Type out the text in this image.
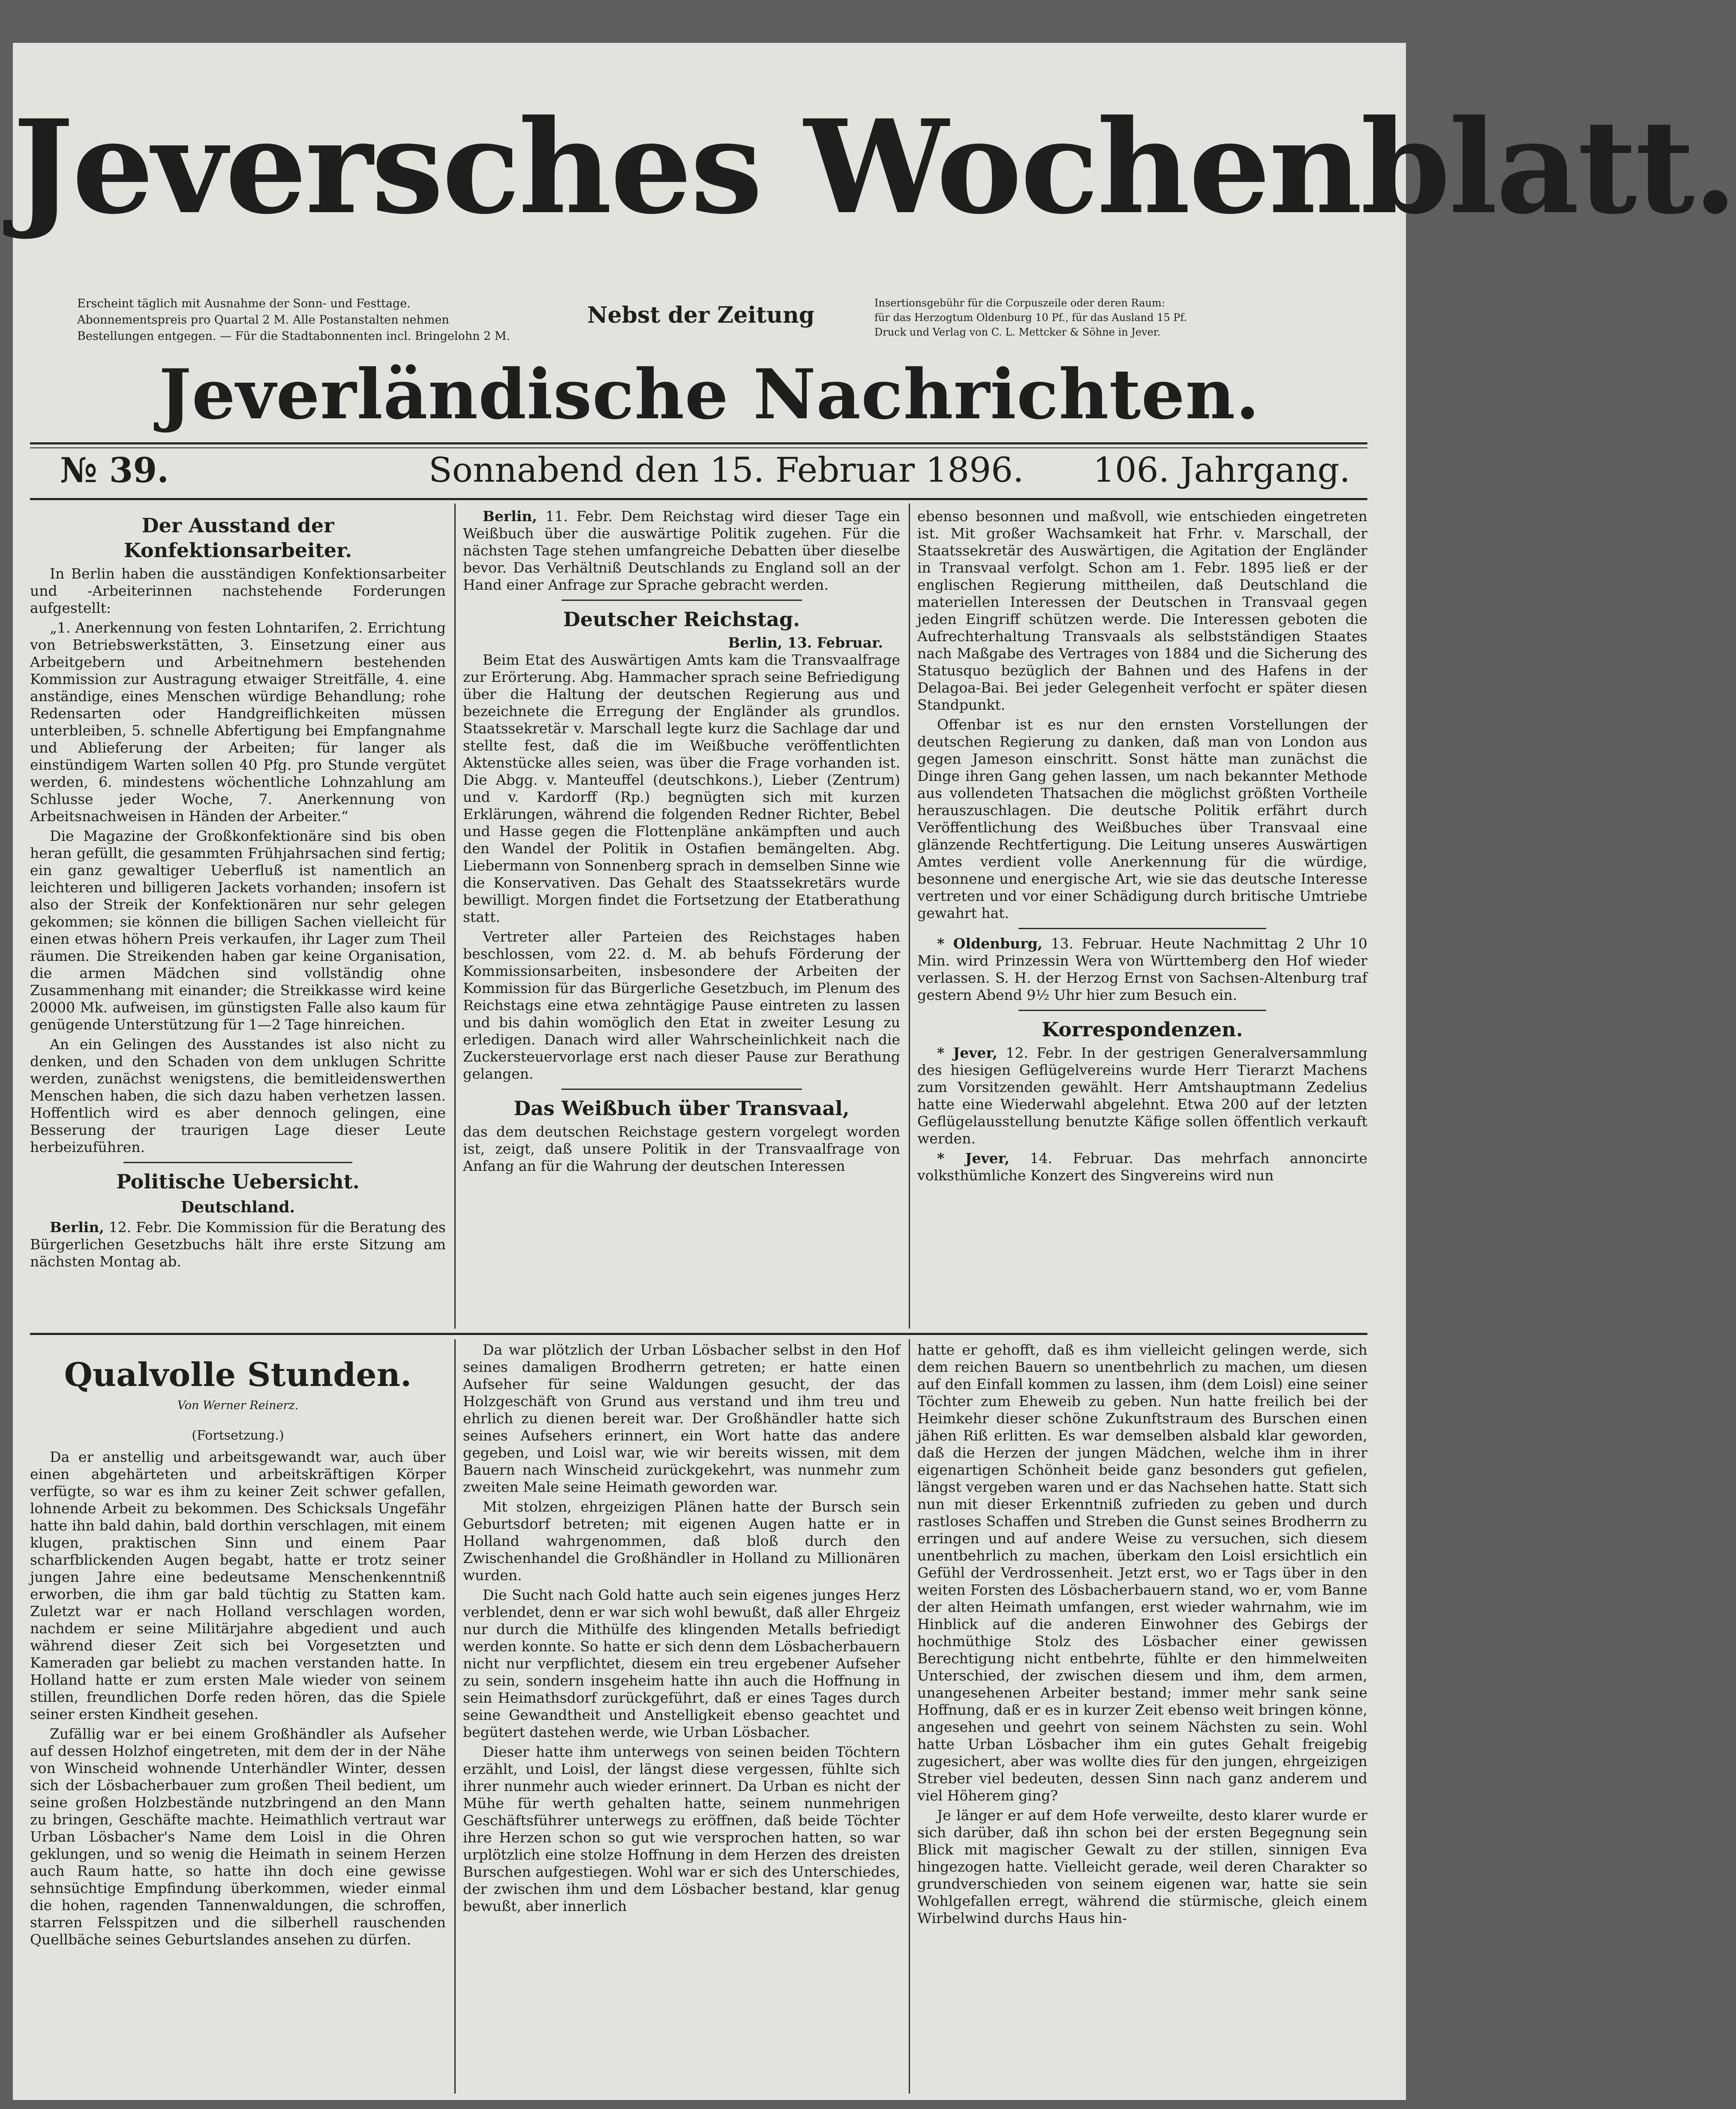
Jeversches Wochenblatt.
Erscheint täglich mit Ausnahme der Sonn- und Festtage.
Abonnementspreis pro Quartal 2 M. Alle Postanstalten nehmen
Bestellungen entgegen. — Für die Stadtabonnenten incl. Bringelohn 2 M.
Nebst der Zeitung	Insertionsgebühr für die Corpuszeile oder deren Raum:
für das Herzogtum Oldenburg 10 Pf., für das Ausland 15 Pf.
Druck und Verlag von C. L. Mettcker & Söhne in Jever.
Jeverländische Nachrichten.
№ 39.	Sonnabend den 15. Februar 1896. 106. Jahrgang.
Der Ausstand der Konfektionsarbeiter.

In Berlin haben die ausständigen Konfektionsarbeiter und -Arbeiterinnen nachstehende Forderungen aufgestellt:

„1. Anerkennung von festen Lohntarifen, 2. Errichtung von Betriebswerkstätten, 3. Einsetzung einer aus Arbeitgebern und Arbeitnehmern bestehenden Kommission zur Austragung etwaiger Streitfälle, 4. eine anständige, eines Menschen würdige Behandlung; rohe Redensarten oder Handgreiflichkeiten müssen unterbleiben, 5. schnelle Abfertigung bei Empfangnahme und Ablieferung der Arbeiten; für langer als einstündigem Warten sollen 40 Pfg. pro Stunde vergütet werden, 6. mindestens wöchentliche Lohnzahlung am Schlusse jeder Woche, 7. Anerkennung von Arbeitsnachweisen in Händen der Arbeiter.“

Die Magazine der Großkonfektionäre sind bis oben heran gefüllt, die gesammten Frühjahrsachen sind fertig; ein ganz gewaltiger Ueberfluß ist namentlich an leichteren und billigeren Jackets vorhanden; insofern ist also der Streik der Konfektionären nur sehr gelegen gekommen; sie können die billigen Sachen vielleicht für einen etwas höhern Preis verkaufen, ihr Lager zum Theil räumen. Die Streikenden haben gar keine Organisation, die armen Mädchen sind vollständig ohne Zusammenhang mit einander; die Streikkasse wird keine 20000 Mk. aufweisen, im günstigsten Falle also kaum für genügende Unterstützung für 1—2 Tage hinreichen.

An ein Gelingen des Ausstandes ist also nicht zu denken, und den Schaden von dem unklugen Schritte werden, zunächst wenigstens, die bemitleidenswerthen Menschen haben, die sich dazu haben verhetzen lassen. Hoffentlich wird es aber dennoch gelingen, eine Besserung der traurigen Lage dieser Leute herbeizuführen.

Politische Uebersicht.
Deutschland.

Berlin, 12. Febr. Die Kommission für die Beratung des Bürgerlichen Gesetzbuchs hält ihre erste Sitzung am nächsten Montag ab.

Berlin, 11. Febr. Dem Reichstag wird dieser Tage ein Weißbuch über die auswärtige Politik zugehen. Für die nächsten Tage stehen umfangreiche Debatten über dieselbe bevor. Das Verhältniß Deutschlands zu England soll an der Hand einer Anfrage zur Sprache gebracht werden.

Deutscher Reichstag.
Berlin, 13. Februar.

Beim Etat des Auswärtigen Amts kam die Transvaalfrage zur Erörterung. Abg. Hammacher sprach seine Befriedigung über die Haltung der deutschen Regierung aus und bezeichnete die Erregung der Engländer als grundlos. Staatssekretär v. Marschall legte kurz die Sachlage dar und stellte fest, daß die im Weißbuche veröffentlichten Aktenstücke alles seien, was über die Frage vorhanden ist. Die Abgg. v. Manteuffel (deutschkons.), Lieber (Zentrum) und v. Kardorff (Rp.) begnügten sich mit kurzen Erklärungen, während die folgenden Redner Richter, Bebel und Hasse gegen die Flottenpläne ankämpften und auch den Wandel der Politik in Ostafien bemängelten. Abg. Liebermann von Sonnenberg sprach in demselben Sinne wie die Konservativen. Das Gehalt des Staatssekretärs wurde bewilligt. Morgen findet die Fortsetzung der Etatberathung statt.

Vertreter aller Parteien des Reichstages haben beschlossen, vom 22. d. M. ab behufs Förderung der Kommissionsarbeiten, insbesondere der Arbeiten der Kommission für das Bürgerliche Gesetzbuch, im Plenum des Reichstags eine etwa zehntägige Pause eintreten zu lassen und bis dahin womöglich den Etat in zweiter Lesung zu erledigen. Danach wird aller Wahrscheinlichkeit nach die Zuckersteuervorlage erst nach dieser Pause zur Berathung gelangen.

Das Weißbuch über Transvaal,

das dem deutschen Reichstage gestern vorgelegt worden ist, zeigt, daß unsere Politik in der Transvaalfrage von Anfang an für die Wahrung der deutschen Interessen

ebenso besonnen und maßvoll, wie entschieden eingetreten ist. Mit großer Wachsamkeit hat Frhr. v. Marschall, der Staatssekretär des Auswärtigen, die Agitation der Engländer in Transvaal verfolgt. Schon am 1. Febr. 1895 ließ er der englischen Regierung mittheilen, daß Deutschland die materiellen Interessen der Deutschen in Transvaal gegen jeden Eingriff schützen werde. Die Interessen geboten die Aufrechterhaltung Transvaals als selbstständigen Staates nach Maßgabe des Vertrages von 1884 und die Sicherung des Statusquo bezüglich der Bahnen und des Hafens in der Delagoa-Bai. Bei jeder Gelegenheit verfocht er später diesen Standpunkt.

Offenbar ist es nur den ernsten Vorstellungen der deutschen Regierung zu danken, daß man von London aus gegen Jameson einschritt. Sonst hätte man zunächst die Dinge ihren Gang gehen lassen, um nach bekannter Methode aus vollendeten Thatsachen die möglichst größten Vortheile herauszuschlagen. Die deutsche Politik erfährt durch Veröffentlichung des Weißbuches über Transvaal eine glänzende Rechtfertigung. Die Leitung unseres Auswärtigen Amtes verdient volle Anerkennung für die würdige, besonnene und energische Art, wie sie das deutsche Interesse vertreten und vor einer Schädigung durch britische Umtriebe gewahrt hat.

* Oldenburg, 13. Februar. Heute Nachmittag 2 Uhr 10 Min. wird Prinzessin Wera von Württemberg den Hof wieder verlassen. S. H. der Herzog Ernst von Sachsen-Altenburg traf gestern Abend 9½ Uhr hier zum Besuch ein.

Korrespondenzen.

* Jever, 12. Febr. In der gestrigen Generalversammlung des hiesigen Geflügelvereins wurde Herr Tierarzt Machens zum Vorsitzenden gewählt. Herr Amtshauptmann Zedelius hatte eine Wiederwahl abgelehnt. Etwa 200 auf der letzten Geflügelausstellung benutzte Käfige sollen öffentlich verkauft werden.

* Jever, 14. Februar. Das mehrfach annoncirte volksthümliche Konzert des Singvereins wird nun

Qualvolle Stunden.
Von Werner Reinerz.
(Fortsetzung.)

Da er anstellig und arbeitsgewandt war, auch über einen abgehärteten und arbeitskräftigen Körper verfügte, so war es ihm zu keiner Zeit schwer gefallen, lohnende Arbeit zu bekommen. Des Schicksals Ungefähr hatte ihn bald dahin, bald dorthin verschlagen, mit einem klugen, praktischen Sinn und einem Paar scharfblickenden Augen begabt, hatte er trotz seiner jungen Jahre eine bedeutsame Menschenkenntniß erworben, die ihm gar bald tüchtig zu Statten kam. Zuletzt war er nach Holland verschlagen worden, nachdem er seine Militärjahre abgedient und auch während dieser Zeit sich bei Vorgesetzten und Kameraden gar beliebt zu machen verstanden hatte. In Holland hatte er zum ersten Male wieder von seinem stillen, freundlichen Dorfe reden hören, das die Spiele seiner ersten Kindheit gesehen.

Zufällig war er bei einem Großhändler als Aufseher auf dessen Holzhof eingetreten, mit dem der in der Nähe von Winscheid wohnende Unterhändler Winter, dessen sich der Lösbacherbauer zum großen Theil bedient, um seine großen Holzbestände nutzbringend an den Mann zu bringen, Geschäfte machte. Heimathlich vertraut war Urban Lösbacher's Name dem Loisl in die Ohren geklungen, und so wenig die Heimath in seinem Herzen auch Raum hatte, so hatte ihn doch eine gewisse sehnsüchtige Empfindung überkommen, wieder einmal die hohen, ragenden Tannenwaldungen, die schroffen, starren Felsspitzen und die silberhell rauschenden Quellbäche seines Geburtslandes ansehen zu dürfen.

Da war plötzlich der Urban Lösbacher selbst in den Hof seines damaligen Brodherrn getreten; er hatte einen Aufseher für seine Waldungen gesucht, der das Holzgeschäft von Grund aus verstand und ihm treu und ehrlich zu dienen bereit war. Der Großhändler hatte sich seines Aufsehers erinnert, ein Wort hatte das andere gegeben, und Loisl war, wie wir bereits wissen, mit dem Bauern nach Winscheid zurückgekehrt, was nunmehr zum zweiten Male seine Heimath geworden war.

Mit stolzen, ehrgeizigen Plänen hatte der Bursch sein Geburtsdorf betreten; mit eigenen Augen hatte er in Holland wahrgenommen, daß bloß durch den Zwischenhandel die Großhändler in Holland zu Millionären wurden.

Die Sucht nach Gold hatte auch sein eigenes junges Herz verblendet, denn er war sich wohl bewußt, daß aller Ehrgeiz nur durch die Mithülfe des klingenden Metalls befriedigt werden konnte. So hatte er sich denn dem Lösbacherbauern nicht nur verpflichtet, diesem ein treu ergebener Aufseher zu sein, sondern insgeheim hatte ihn auch die Hoffnung in sein Heimathsdorf zurückgeführt, daß er eines Tages durch seine Gewandtheit und Anstelligkeit ebenso geachtet und begütert dastehen werde, wie Urban Lösbacher.

Dieser hatte ihm unterwegs von seinen beiden Töchtern erzählt, und Loisl, der längst diese vergessen, fühlte sich ihrer nunmehr auch wieder erinnert. Da Urban es nicht der Mühe für werth gehalten hatte, seinem nunmehrigen Geschäftsführer unterwegs zu eröffnen, daß beide Töchter ihre Herzen schon so gut wie versprochen hatten, so war urplötzlich eine stolze Hoffnung in dem Herzen des dreisten Burschen aufgestiegen. Wohl war er sich des Unterschiedes, der zwischen ihm und dem Lösbacher bestand, klar genug bewußt, aber innerlich

hatte er gehofft, daß es ihm vielleicht gelingen werde, sich dem reichen Bauern so unentbehrlich zu machen, um diesen auf den Einfall kommen zu lassen, ihm (dem Loisl) eine seiner Töchter zum Eheweib zu geben. Nun hatte freilich bei der Heimkehr dieser schöne Zukunftstraum des Burschen einen jähen Riß erlitten. Es war demselben alsbald klar geworden, daß die Herzen der jungen Mädchen, welche ihm in ihrer eigenartigen Schönheit beide ganz besonders gut gefielen, längst vergeben waren und er das Nachsehen hatte. Statt sich nun mit dieser Erkenntniß zufrieden zu geben und durch rastloses Schaffen und Streben die Gunst seines Brodherrn zu erringen und auf andere Weise zu versuchen, sich diesem unentbehrlich zu machen, überkam den Loisl ersichtlich ein Gefühl der Verdrossenheit. Jetzt erst, wo er Tags über in den weiten Forsten des Lösbacherbauern stand, wo er, vom Banne der alten Heimath umfangen, erst wieder wahrnahm, wie im Hinblick auf die anderen Einwohner des Gebirgs der hochmüthige Stolz des Lösbacher einer gewissen Berechtigung nicht entbehrte, fühlte er den himmelweiten Unterschied, der zwischen diesem und ihm, dem armen, unangesehenen Arbeiter bestand; immer mehr sank seine Hoffnung, daß er es in kurzer Zeit ebenso weit bringen könne, angesehen und geehrt von seinem Nächsten zu sein. Wohl hatte Urban Lösbacher ihm ein gutes Gehalt freigebig zugesichert, aber was wollte dies für den jungen, ehrgeizigen Streber viel bedeuten, dessen Sinn nach ganz anderem und viel Höherem ging?

Je länger er auf dem Hofe verweilte, desto klarer wurde er sich darüber, daß ihn schon bei der ersten Begegnung sein Blick mit magischer Gewalt zu der stillen, sinnigen Eva hingezogen hatte. Vielleicht gerade, weil deren Charakter so grundverschieden von seinem eigenen war, hatte sie sein Wohlgefallen erregt, während die stürmische, gleich einem Wirbelwind durchs Haus hin-
